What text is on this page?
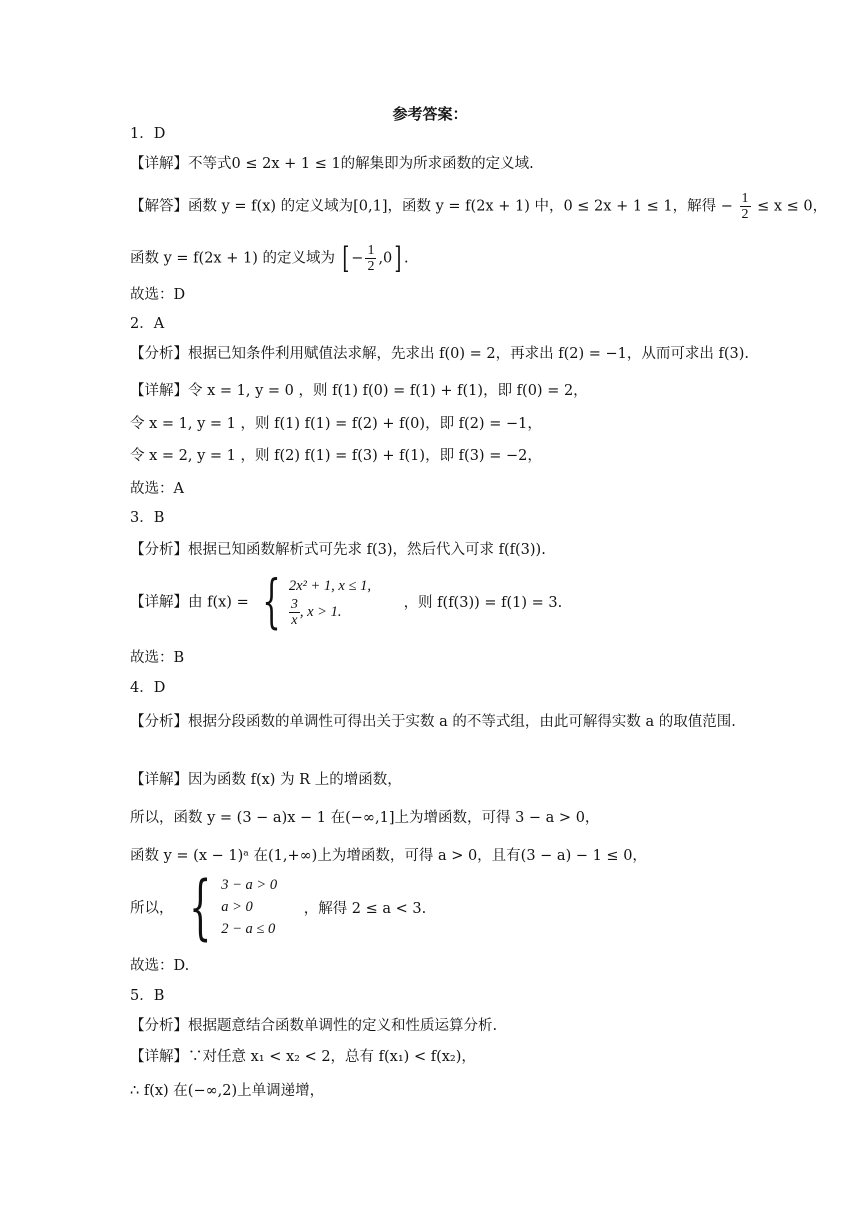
参考答案：
1．D
【详解】不等式0 ≤ 2x + 1 ≤ 1的解集即为所求函数的定义域.
【解答】函数 y = f(x) 的定义域为[0,1]，函数 y = f(2x + 1) 中，0 ≤ 2x + 1 ≤ 1，解得 − $\frac{1}{2} \le x \le 0$，
函数 y = f(2x + 1) 的定义域为 [ − $\frac{1}{2} ,0$] .
故选：D
2．A
【分析】根据已知条件利用赋值法求解，先求出 f(0) = 2，再求出 f(2) = −1，从而可求出 f(3).
【详解】令 x = 1, y = 0 ，则 f(1) f(0) = f(1) + f(1)，即 f(0) = 2，
令 x = 1, y = 1 ，则 f(1) f(1) = f(2) + f(0)，即 f(2) = −1，
令 x = 2, y = 1 ，则 f(2) f(1) = f(3) + f(1)，即 f(3) = −2，
故选：A
3．B
【分析】根据已知函数解析式可先求 f(3)，然后代入可求 f(f(3)).
【详解】由 f(x) = { 2x² + 1, x ≤ 1,
$\frac{3}{x}$ , x > 1.
，则 f(f(3)) = f(1) = 3.
故选：B
4．D
【分析】根据分段函数的单调性可得出关于实数 a 的不等式组，由此可解得实数 a 的取值范围.
【详解】因为函数 f(x) 为 R 上的增函数，
所以，函数 y = (3 − a)x − 1 在(−∞,1]上为增函数，可得 3 − a > 0，
函数 y = (x − 1)ᵃ 在(1,+∞)上为增函数，可得 a > 0，且有(3 − a) − 1 ≤ 0，
所以， { 3 − a > 0
a > 0
2 − a ≤ 0
，解得 2 ≤ a < 3.
故选：D.
5．B
【分析】根据题意结合函数单调性的定义和性质运算分析.
【详解】∵对任意 x₁ < x₂ < 2，总有 f(x₁) < f(x₂)，
∴ f(x) 在(−∞,2)上单调递增，
